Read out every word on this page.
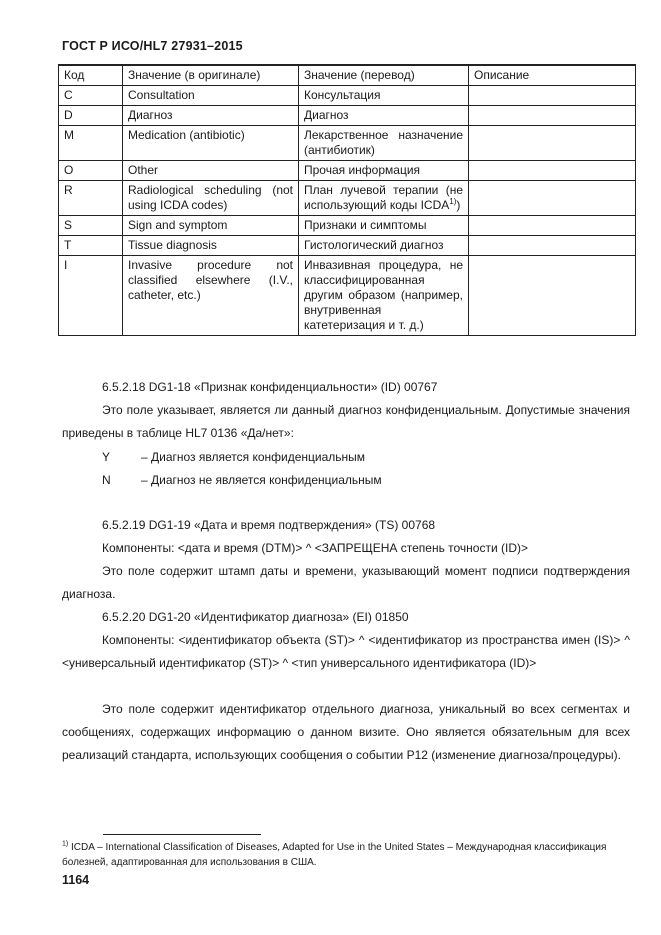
ГОСТ Р ИСО/HL7 27931–2015
Код	Значение (в оригинале)	Значение (перевод)	Описание
C	Consultation	Консультация	
D	Диагноз	Диагноз	
M	Medication (antibiotic)	Лекарственное назначение (антибиотик)	
O	Other	Прочая информация	
R	Radiological scheduling (not using ICDA codes)	План лучевой терапии (не использующий коды ICDA$^{1)}$)	
S	Sign and symptom	Признаки и симптомы	
T	Tissue diagnosis	Гистологический диагноз	
I	Invasive procedure not classified elsewhere (I.V., catheter, etc.)	Инвазивная процедура, не классифицированная другим образом (например, внутривенная катетеризация и т. д.)	
6.5.2.18 DG1-18 «Признак конфиденциальности» (ID) 00767
Это поле указывает, является ли данный диагноз конфиденциальным. Допустимые значения приведены в таблице HL7 0136 «Да/нет»:
Y	– Диагноз является конфиденциальным
N	– Диагноз не является конфиденциальным
6.5.2.19 DG1-19 «Дата и время подтверждения» (TS) 00768
Компоненты: <дата и время (DTM)> ^ <ЗАПРЕЩЕНА степень точности (ID)>
Это поле содержит штамп даты и времени, указывающий момент подписи подтверждения диагноза.
6.5.2.20 DG1-20 «Идентификатор диагноза» (EI) 01850
Компоненты: <идентификатор объекта (ST)> ^ <идентификатор из пространства имен (IS)> ^ <универсальный идентификатор (ST)> ^ <тип универсального идентификатора (ID)>
Это поле содержит идентификатор отдельного диагноза, уникальный во всех сегментах и сообщениях, содержащих информацию о данном визите. Оно является обязательным для всех реализаций стандарта, использующих сообщения о событии P12 (изменение диагноза/процедуры).
$^{1)}$ ICDA – International Classification of Diseases, Adapted for Use in the United States – Международная классификация болезней, адаптированная для использования в США.
1164
